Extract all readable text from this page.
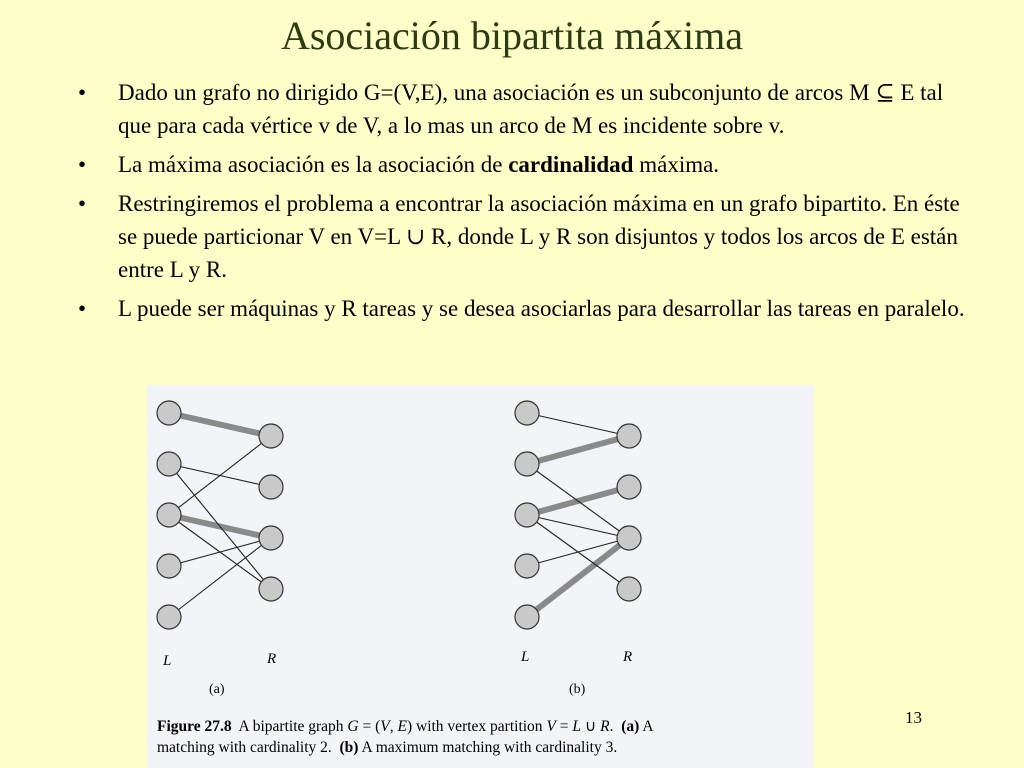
Asociación bipartita máxima
• Dado un grafo no dirigido G=(V,E), una asociación es un subconjunto de arcos M ⊆ E tal que para cada vértice v de V, a lo mas un arco de M es incidente sobre v.
• La máxima asociación es la asociación de cardinalidad máxima.
• Restringiremos el problema a encontrar la asociación máxima en un grafo bipartito. En éste se puede particionar V en V=L ∪ R, donde L y R son disjuntos y todos los arcos de E están entre L y R.
• L puede ser máquinas y R tareas y se desea asociarlas para desarrollar las tareas en paralelo.
L	R
(a)
L	R
(b)
Figure 27.8  A bipartite graph G = (V, E) with vertex partition V = L ∪ R.  (a) A
matching with cardinality 2.  (b) A maximum matching with cardinality 3.
13
